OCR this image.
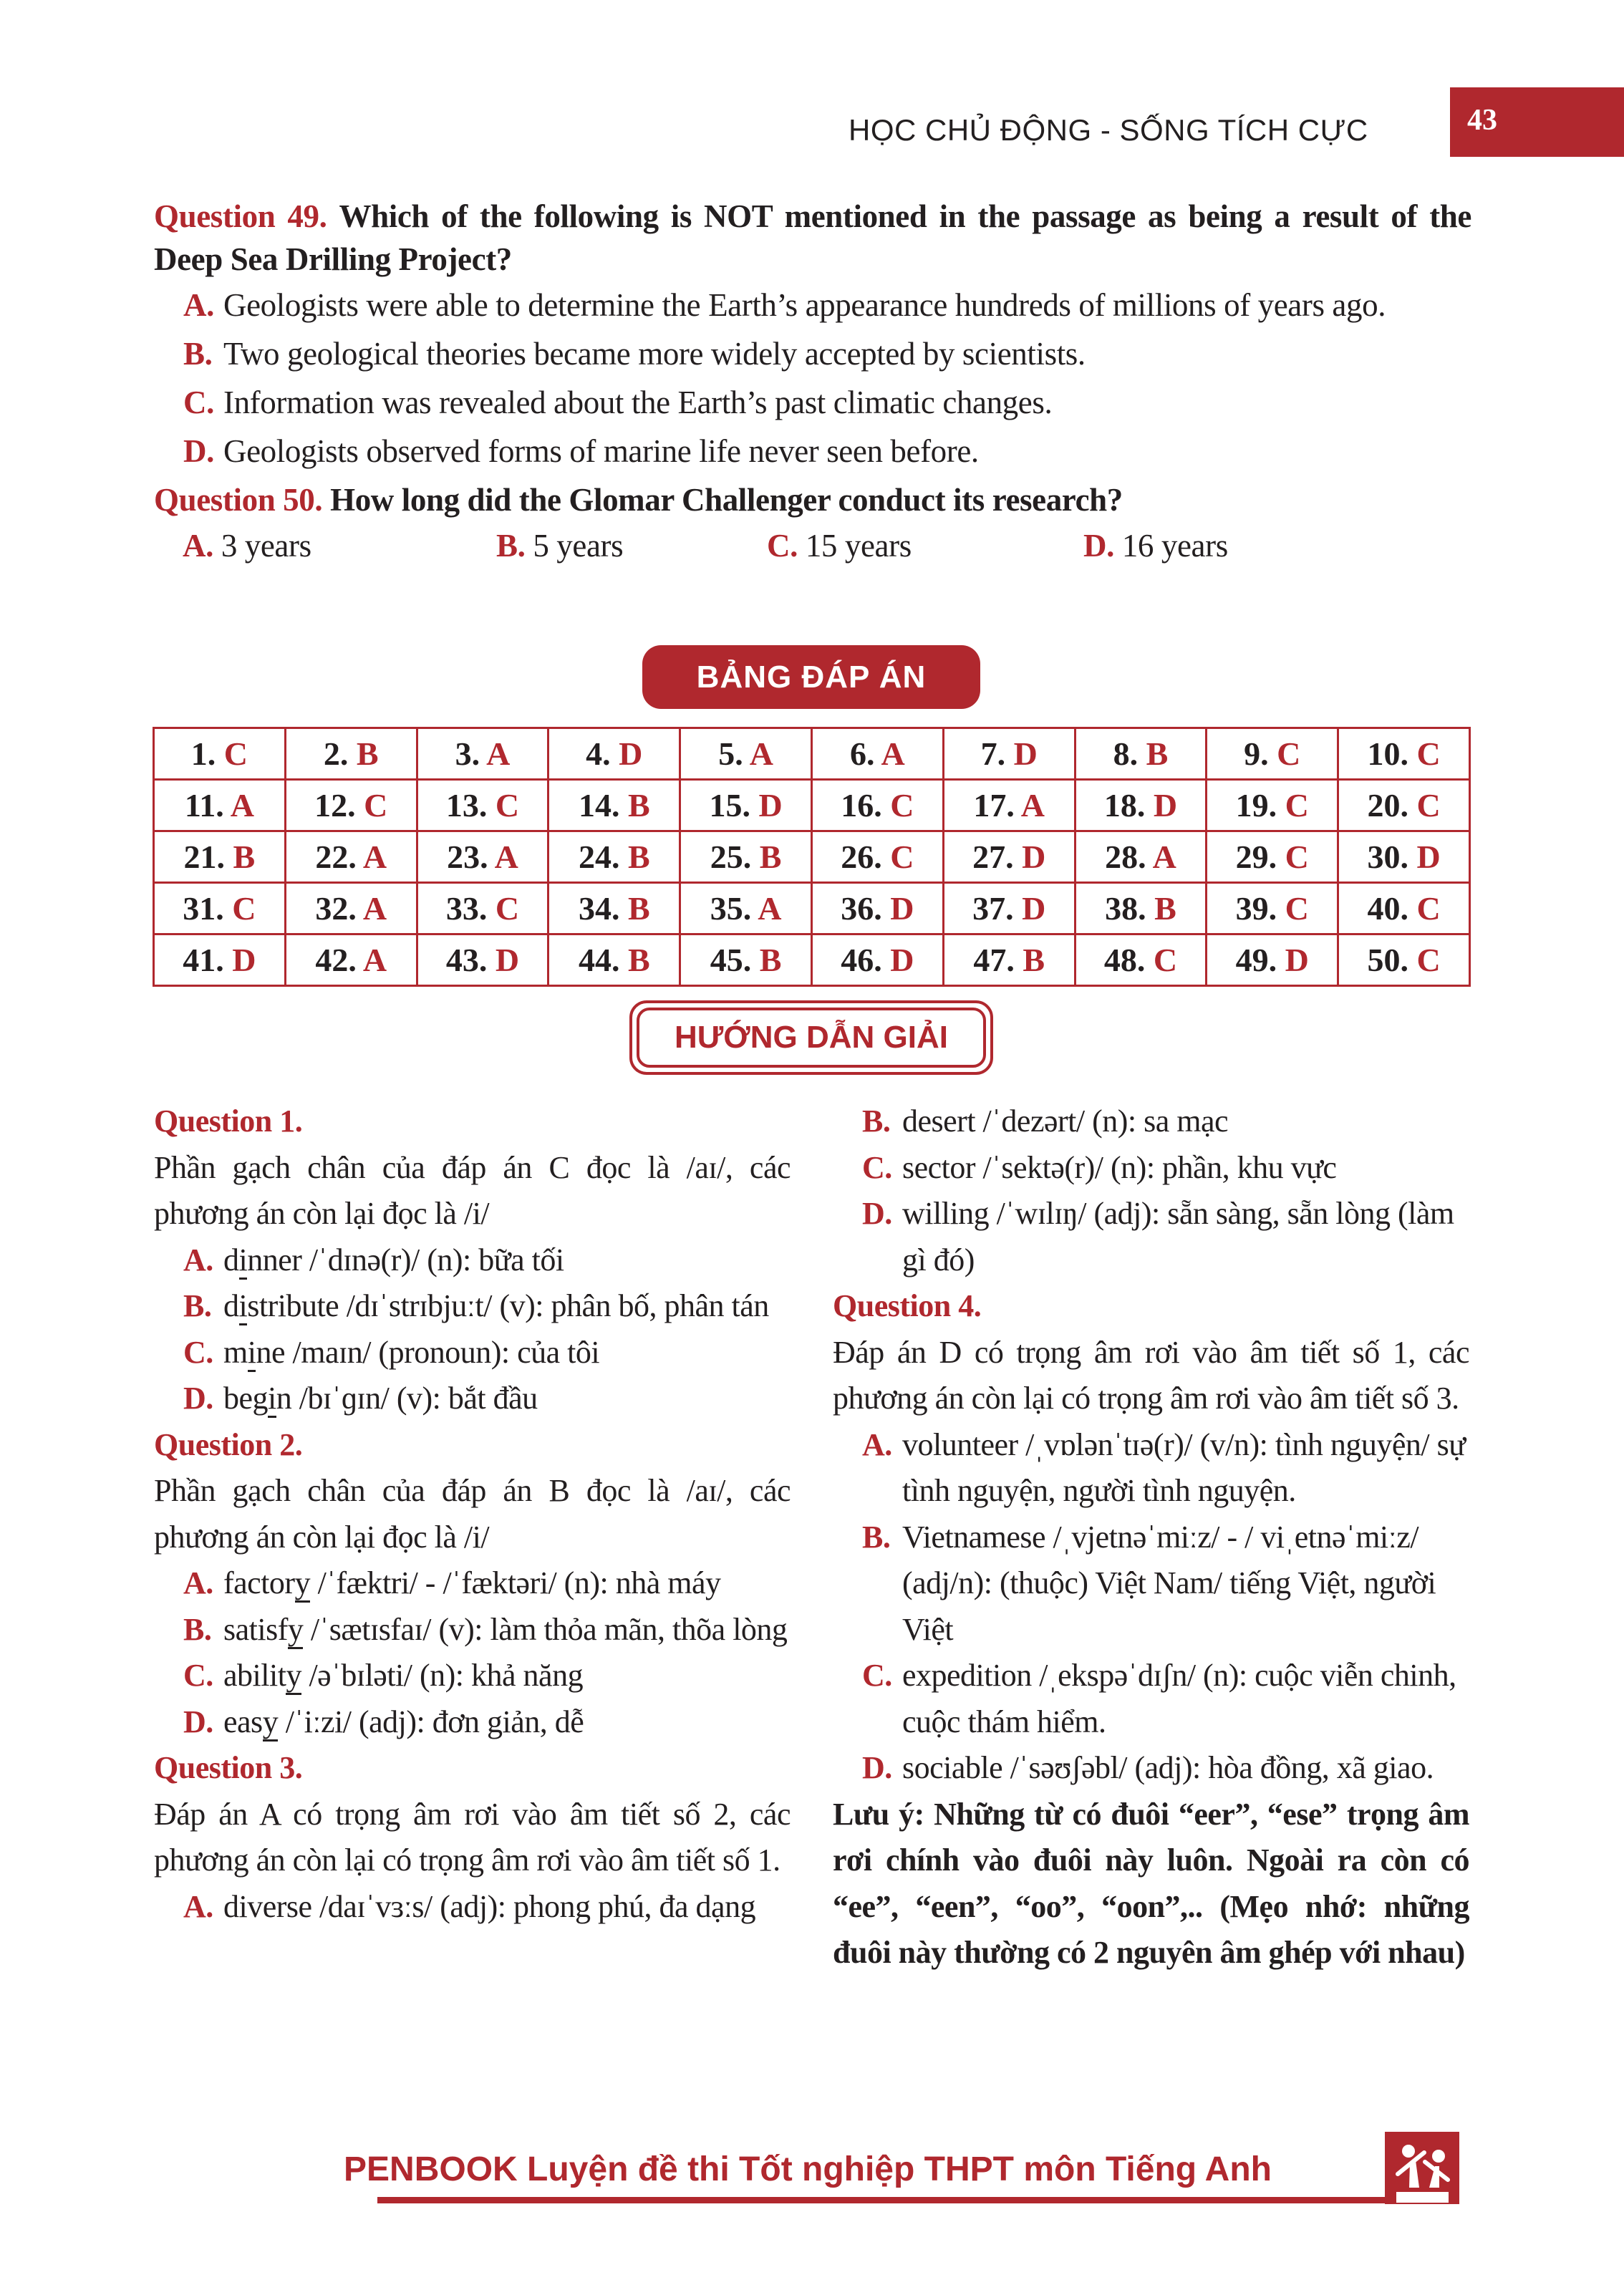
HỌC CHỦ ĐỘNG - SỐNG TÍCH CỰC	43
Question 49. Which of the following is NOT mentioned in the passage as being a result of the Deep Sea Drilling Project?
A. Geologists were able to determine the Earth’s appearance hundreds of millions of years ago.
B. Two geological theories became more widely accepted by scientists.
C. Information was revealed about the Earth’s past climatic changes.
D. Geologists observed forms of marine life never seen before.
Question 50. How long did the Glomar Challenger conduct its research?
A. 3 years	B. 5 years	C. 15 years	D. 16 years
BẢNG ĐÁP ÁN
1. C	2. B	3. A	4. D	5. A	6. A	7. D	8. B	9. C	10. C
11. A	12. C	13. C	14. B	15. D	16. C	17. A	18. D	19. C	20. C
21. B	22. A	23. A	24. B	25. B	26. C	27. D	28. A	29. C	30. D
31. C	32. A	33. C	34. B	35. A	36. D	37. D	38. B	39. C	40. C
41. D	42. A	43. D	44. B	45. B	46. D	47. B	48. C	49. D	50. C
HƯỚNG DẪN GIẢI
Question 1.
Phần gạch chân của đáp án C đọc là /aɪ/, các phương án còn lại đọc là /i/
A. dinner /ˈdɪnə(r)/ (n): bữa tối
B. distribute /dɪˈstrɪbjuːt/ (v): phân bố, phân tán
C. mine /maɪn/ (pronoun): của tôi
D. begin /bɪˈɡɪn/ (v): bắt đầu
Question 2.
Phần gạch chân của đáp án B đọc là /aɪ/, các phương án còn lại đọc là /i/
A. factory /ˈfæktri/ - /ˈfæktəri/ (n): nhà máy
B. satisfy /ˈsætɪsfaɪ/ (v): làm thỏa mãn, thõa lòng
C. ability /əˈbɪləti/ (n): khả năng
D. easy /ˈiːzi/ (adj): đơn giản, dễ
Question 3.
Đáp án A có trọng âm rơi vào âm tiết số 2, các phương án còn lại có trọng âm rơi vào âm tiết số 1.
A. diverse /daɪˈvɜːs/ (adj): phong phú, đa dạng
B. desert /ˈdezərt/ (n): sa mạc
C. sector /ˈsektə(r)/ (n): phần, khu vực
D. willing /ˈwɪlɪŋ/ (adj): sẵn sàng, sẵn lòng (làm gì đó)
Question 4.
Đáp án D có trọng âm rơi vào âm tiết số 1, các phương án còn lại có trọng âm rơi vào âm tiết số 3.
A. volunteer /ˌvɒlənˈtɪə(r)/ (v/n): tình nguyện/ sự tình nguyện, người tình nguyện.
B. Vietnamese /ˌvjetnəˈmiːz/ - / viˌetnəˈmiːz/ (adj/n): (thuộc) Việt Nam/ tiếng Việt, người Việt
C. expedition /ˌekspəˈdɪʃn/ (n): cuộc viễn chinh, cuộc thám hiểm.
D. sociable /ˈsəʊʃəbl/ (adj): hòa đồng, xã giao.
Lưu ý: Những từ có đuôi “eer”, “ese” trọng âm rơi chính vào đuôi này luôn. Ngoài ra còn có “ee”, “een”, “oo”, “oon”,.. (Mẹo nhớ: những đuôi này thường có 2 nguyên âm ghép với nhau)
PENBOOK Luyện đề thi Tốt nghiệp THPT môn Tiếng Anh
